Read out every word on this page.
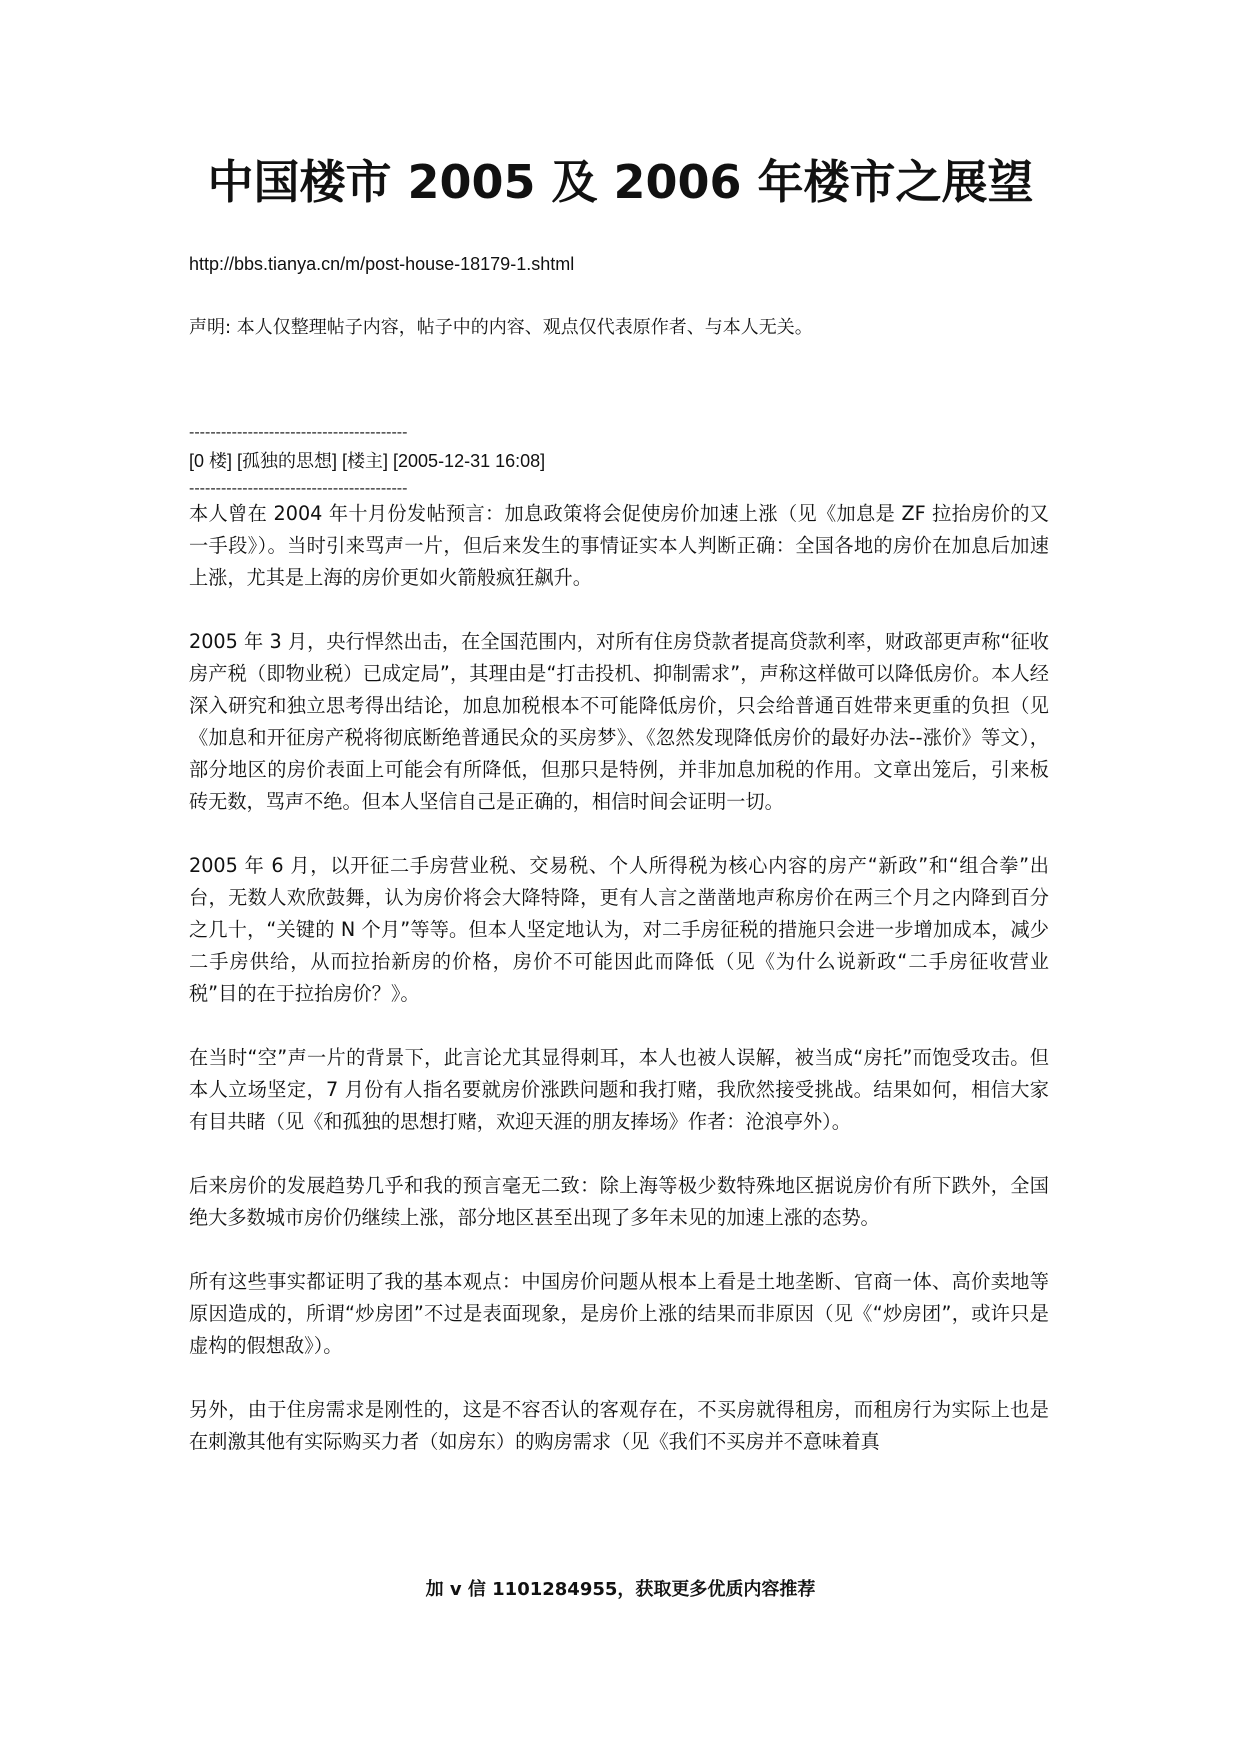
中国楼市 2005 及 2006 年楼市之展望

http://bbs.tianya.cn/m/post-house-18179-1.shtml

声明: 本人仅整理帖子内容，帖子中的内容、观点仅代表原作者、与本人无关。

-----------------------------------------

[0 楼] [孤独的思想] [楼主] [2005-12-31 16:08]

-----------------------------------------

本人曾在 2004 年十月份发帖预言：加息政策将会促使房价加速上涨（见《加息是 ZF 拉抬房价的又一手段》）。当时引来骂声一片，但后来发生的事情证实本人判断正确：全国各地的房价在加息后加速上涨，尤其是上海的房价更如火箭般疯狂飙升。

2005 年 3 月，央行悍然出击，在全国范围内，对所有住房贷款者提高贷款利率，财政部更声称“征收房产税（即物业税）已成定局”，其理由是“打击投机、抑制需求”，声称这样做可以降低房价。本人经深入研究和独立思考得出结论，加息加税根本不可能降低房价，只会给普通百姓带来更重的负担（见《加息和开征房产税将彻底断绝普通民众的买房梦》、《忽然发现降低房价的最好办法--涨价》等文），部分地区的房价表面上可能会有所降低，但那只是特例，并非加息加税的作用。文章出笼后，引来板砖无数，骂声不绝。但本人坚信自己是正确的，相信时间会证明一切。

2005 年 6 月，以开征二手房营业税、交易税、个人所得税为核心内容的房产“新政”和“组合拳”出台，无数人欢欣鼓舞，认为房价将会大降特降，更有人言之凿凿地声称房价在两三个月之内降到百分之几十，“关键的 N 个月”等等。但本人坚定地认为，对二手房征税的措施只会进一步增加成本，减少二手房供给，从而拉抬新房的价格，房价不可能因此而降低（见《为什么说新政“二手房征收营业税”目的在于拉抬房价？》。

在当时“空”声一片的背景下，此言论尤其显得刺耳，本人也被人误解，被当成“房托”而饱受攻击。但本人立场坚定，7 月份有人指名要就房价涨跌问题和我打赌，我欣然接受挑战。结果如何，相信大家有目共睹（见《和孤独的思想打赌，欢迎天涯的朋友捧场》作者：沧浪亭外）。

后来房价的发展趋势几乎和我的预言毫无二致：除上海等极少数特殊地区据说房价有所下跌外，全国绝大多数城市房价仍继续上涨，部分地区甚至出现了多年未见的加速上涨的态势。

所有这些事实都证明了我的基本观点：中国房价问题从根本上看是土地垄断、官商一体、高价卖地等原因造成的，所谓“炒房团”不过是表面现象，是房价上涨的结果而非原因（见《“炒房团”，或许只是虚构的假想敌》）。

另外，由于住房需求是刚性的，这是不容否认的客观存在，不买房就得租房，而租房行为实际上也是在刺激其他有实际购买力者（如房东）的购房需求（见《我们不买房并不意味着真

加 v 信 1101284955，获取更多优质内容推荐
